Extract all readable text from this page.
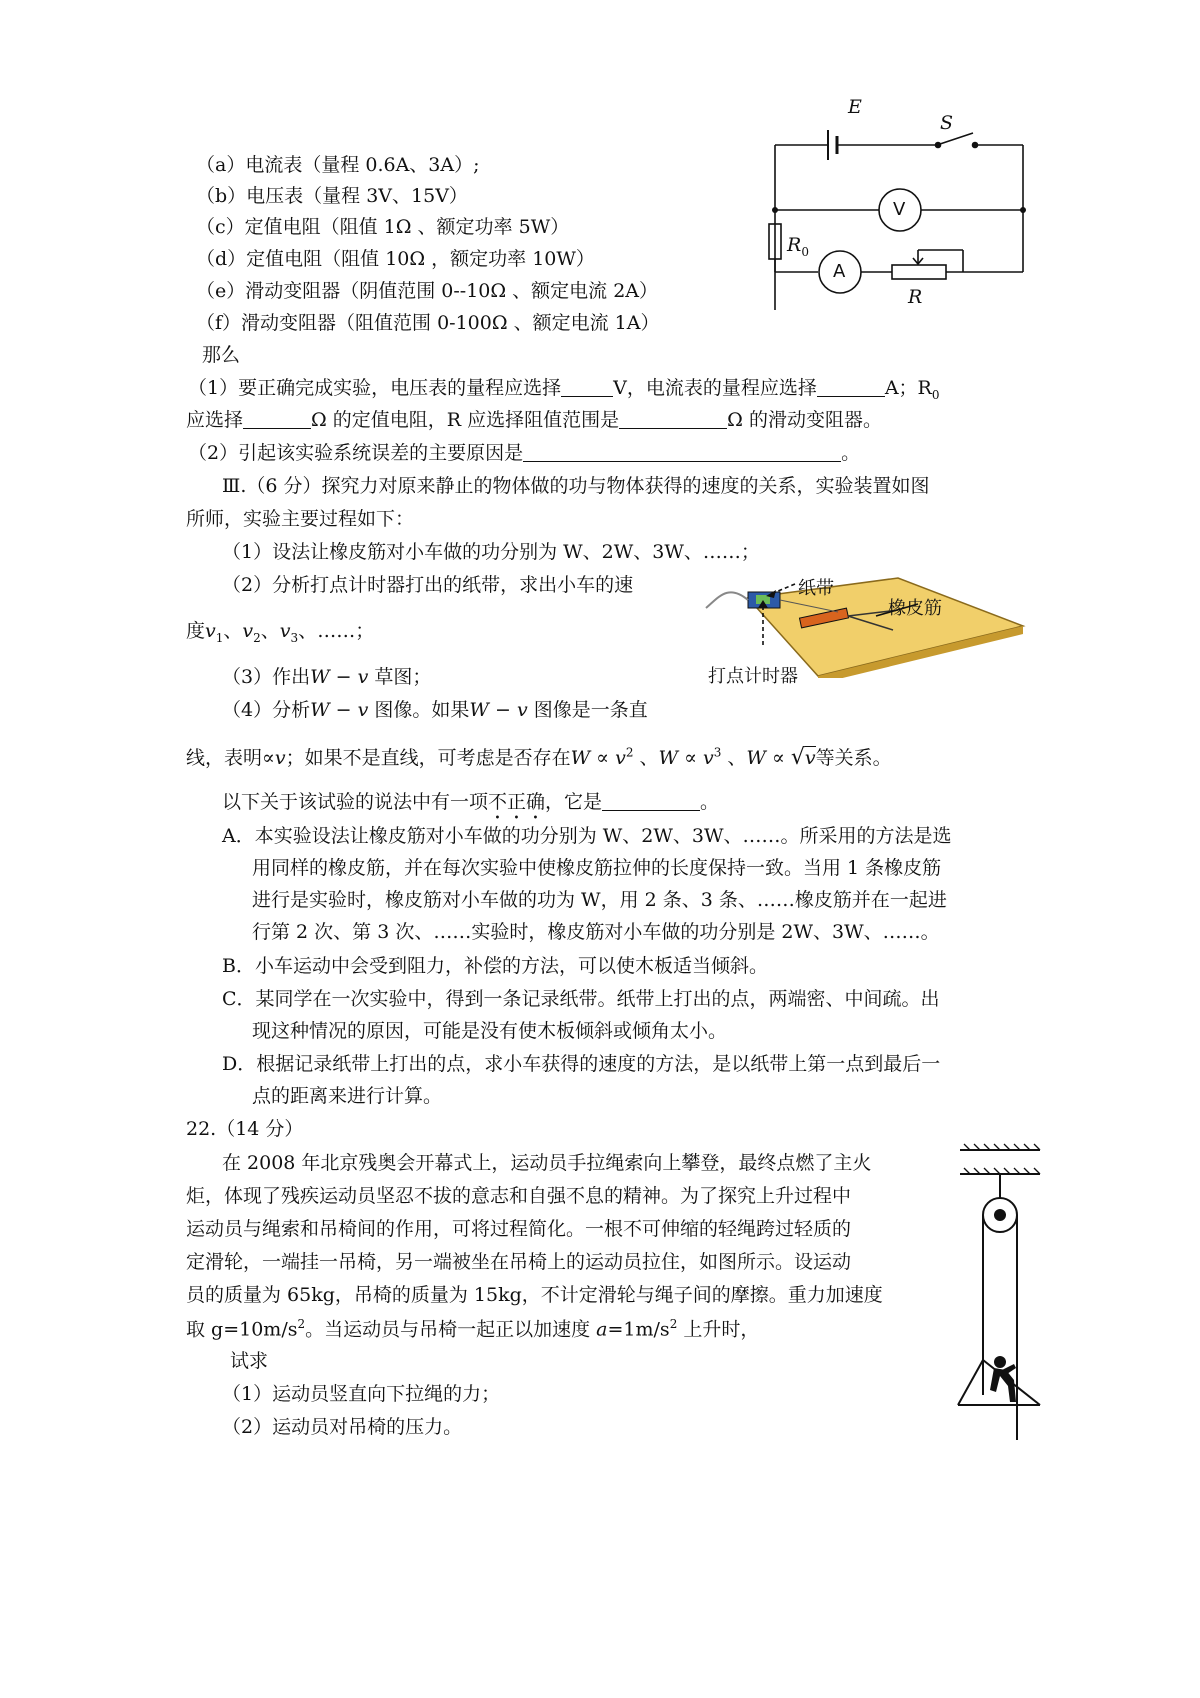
（a）电流表（量程 0.6A、3A）;
（b）电压表（量程 3V、15V）
（c）定值电阻（阻值 1Ω 、额定功率 5W）
（d）定值电阻（阻值 10Ω ，额定功率 10W）
（e）滑动变阻器（阴值范围 0--10Ω 、额定电流 2A）
（f）滑动变阻器（阻值范围 0-100Ω 、额定电流 1A）
E
S
V
A
$R_0$
R
那么
（1）要正确完成实验，电压表的量程应选择	V，电流表的量程应选择	A；$R_0$
应选择	Ω 的定值电阻，R 应选择阻值范围是	Ω 的滑动变阻器。
（2）引起该实验系统误差的主要原因是	。
Ⅲ.（6 分）探究力对原来静止的物体做的功与物体获得的速度的关系，实验装置如图
所师，实验主要过程如下：
（1）设法让橡皮筋对小车做的功分别为 W、2W、3W、……；
（2）分析打点计时器打出的纸带，求出小车的速
度$v_1$、$v_2$、$v_3$、……；
（3）作出W − v 草图；
（4）分析W − v 图像。如果W − v 图像是一条直
线，表明∝v；如果不是直线，可考虑是否存在$W \propto v^2$ 、$W \propto v^3$ 、W ∝ √v等关系。
以下关于该试验的说法中有一项不正确，它是	。
纸带
橡皮筋
打点计时器
A．本实验设法让橡皮筋对小车做的功分别为 W、2W、3W、……。所采用的方法是选
用同样的橡皮筋，并在每次实验中使橡皮筋拉伸的长度保持一致。当用 1 条橡皮筋
进行是实验时，橡皮筋对小车做的功为 W，用 2 条、3 条、……橡皮筋并在一起进
行第 2 次、第 3 次、……实验时，橡皮筋对小车做的功分别是 2W、3W、……。
B．小车运动中会受到阻力，补偿的方法，可以使木板适当倾斜。
C．某同学在一次实验中，得到一条记录纸带。纸带上打出的点，两端密、中间疏。出
现这种情况的原因，可能是没有使木板倾斜或倾角太小。
D．根据记录纸带上打出的点，求小车获得的速度的方法，是以纸带上第一点到最后一
点的距离来进行计算。
22.（14 分）
在 2008 年北京残奥会开幕式上，运动员手拉绳索向上攀登，最终点燃了主火
炬，体现了残疾运动员坚忍不拔的意志和自强不息的精神。为了探究上升过程中
运动员与绳索和吊椅间的作用，可将过程简化。一根不可伸缩的轻绳跨过轻质的
定滑轮，一端挂一吊椅，另一端被坐在吊椅上的运动员拉住，如图所示。设运动
员的质量为 65kg，吊椅的质量为 15kg，不计定滑轮与绳子间的摩擦。重力加速度
取 $g=10m/s^2$。当运动员与吊椅一起正以加速度 $a=1m/s^2$ 上升时，
试求
（1）运动员竖直向下拉绳的力；
（2）运动员对吊椅的压力。
